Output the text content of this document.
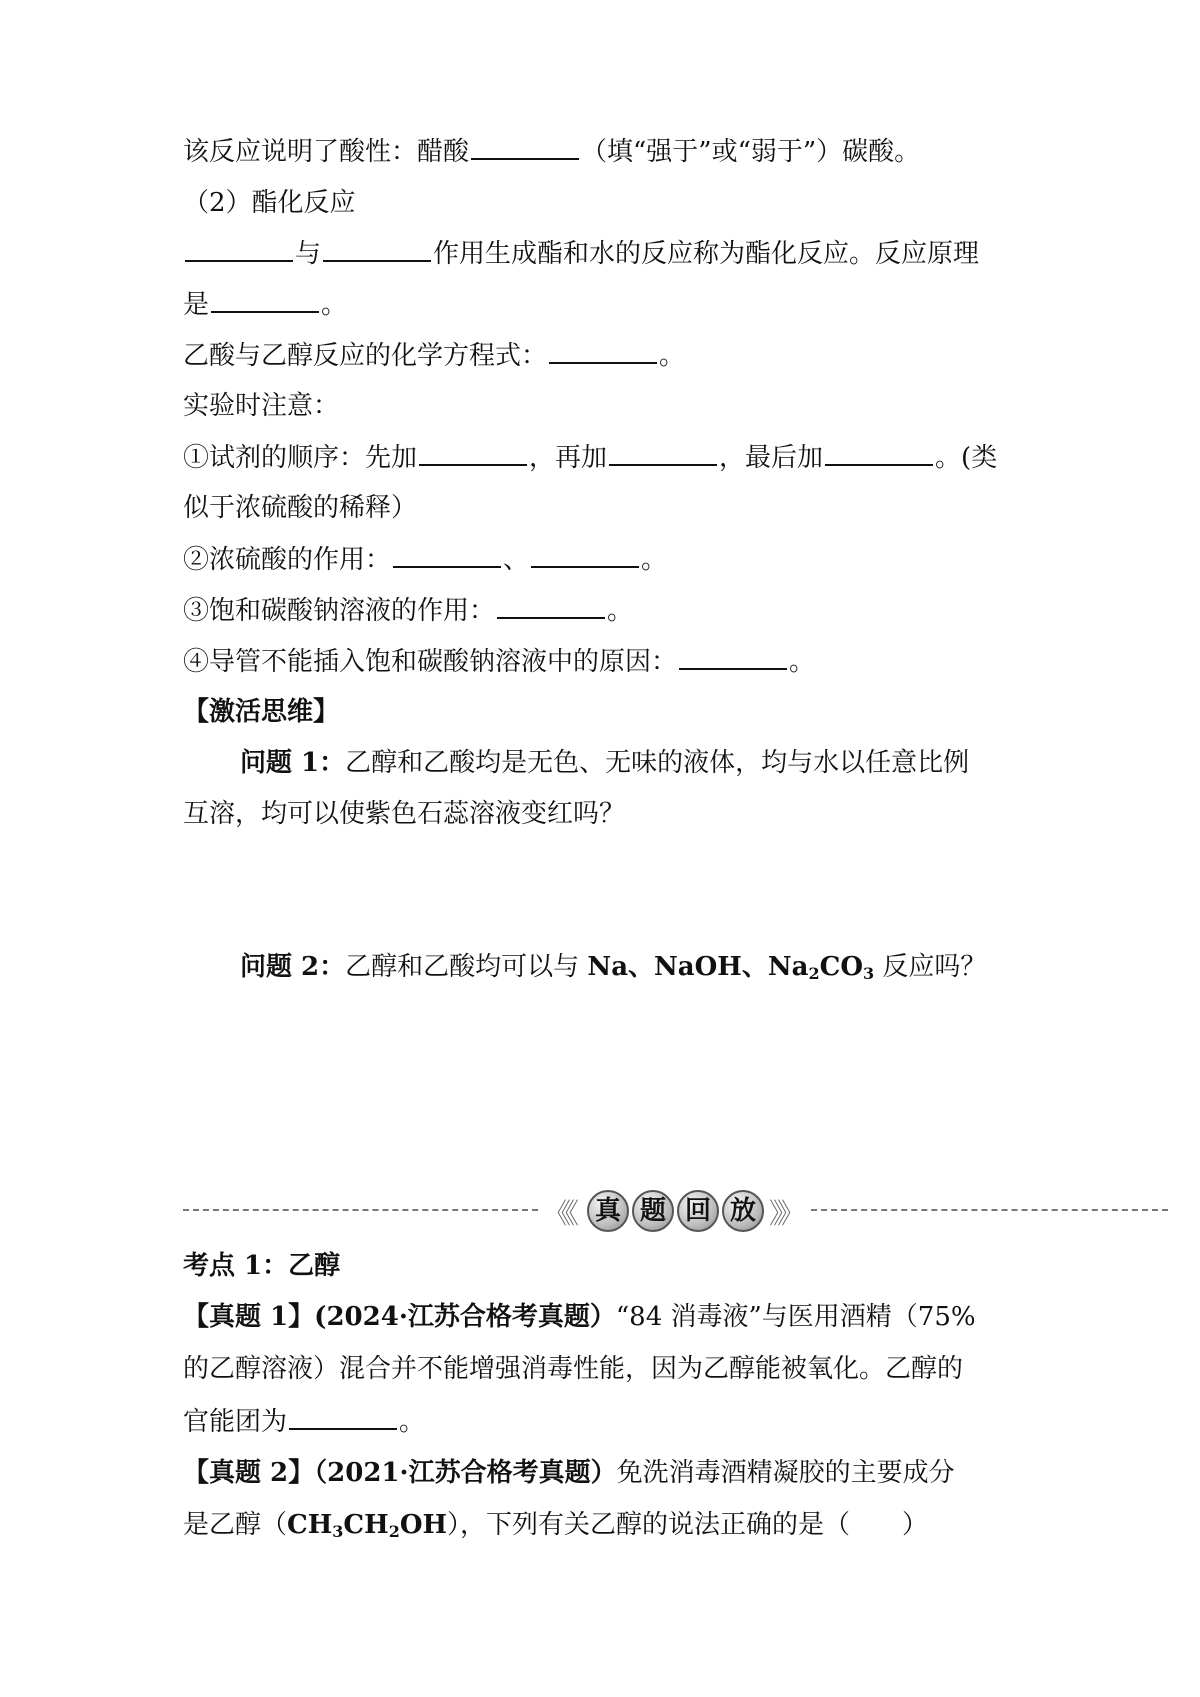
该反应说明了酸性：醋酸	（填“强于”或“弱于”）碳酸。
（2）酯化反应
与	作用生成酯和水的反应称为酯化反应。反应原理
是	。
乙酸与乙醇反应的化学方程式：	。
实验时注意：
①试剂的顺序：先加	，再加	，最后加	。(类
似于浓硫酸的稀释）
②浓硫酸的作用：	、	。
③饱和碳酸钠溶液的作用：	。
④导管不能插入饱和碳酸钠溶液中的原因：	。
【激活思维】
问题 1：乙醇和乙酸均是无色、无味的液体，均与水以任意比例
互溶，均可以使紫色石蕊溶液变红吗？
问题 2：乙醇和乙酸均可以与 Na、NaOH、$Na_2CO_3$ 反应吗？
《《 真 题 回 放 》》
考点 1：乙醇
【真题 1】(2024·江苏合格考真题）“84 消毒液”与医用酒精（75%
的乙醇溶液）混合并不能增强消毒性能，因为乙醇能被氧化。乙醇的
官能团为	。
【真题 2】（2021·江苏合格考真题）免洗消毒酒精凝胶的主要成分
是乙醇$(CH_3CH_2OH)$，下列有关乙醇的说法正确的是（　　）
